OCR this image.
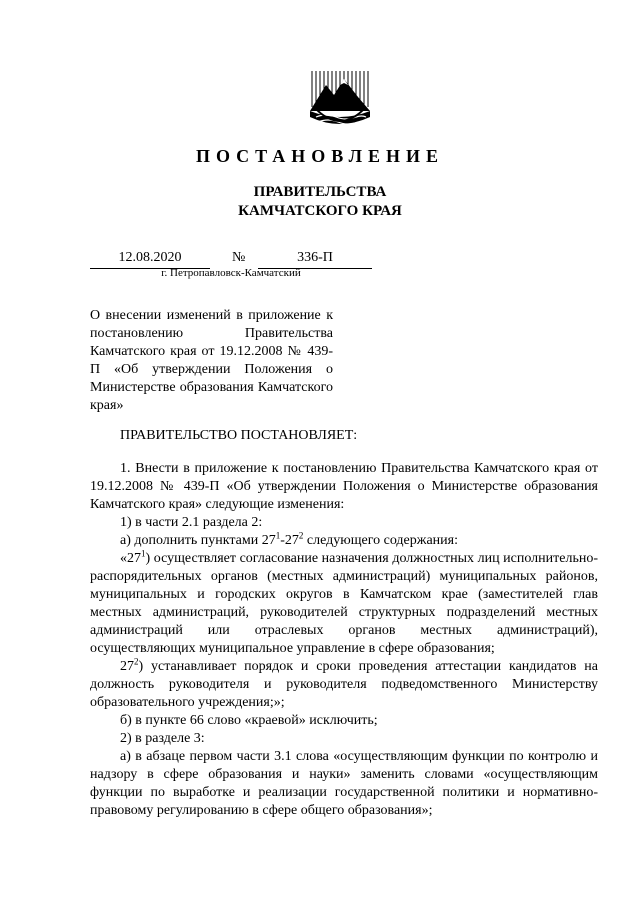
ПОСТАНОВЛЕНИЕ
ПРАВИТЕЛЬСТВА
КАМЧАТСКОГО КРАЯ
12.08.2020	№	336-П
г. Петропавловск-Камчатский
О внесении изменений в приложение к постановлению Правительства Камчатского края от 19.12.2008 № 439-П «Об утверждении Положения о Министерстве образования Камчатского края»
ПРАВИТЕЛЬСТВО ПОСТАНОВЛЯЕТ:

1. Внести в приложение к постановлению Правительства Камчатского края от 19.12.2008 № 439-П «Об утверждении Положения о Министерстве образования Камчатского края» следующие изменения:

1) в части 2.1 раздела 2:

а) дополнить пунктами $27^1-27^2$ следующего содержания:

«$27^1$) осуществляет согласование назначения должностных лиц исполнительно-распорядительных органов (местных администраций) муниципальных районов, муниципальных и городских округов в Камчатском крае (заместителей глав местных администраций, руководителей структурных подразделений местных администраций или отраслевых органов местных администраций), осуществляющих муниципальное управление в сфере образования;

$27^2$) устанавливает порядок и сроки проведения аттестации кандидатов на должность руководителя и руководителя подведомственного Министерству образовательного учреждения;»;

б) в пункте 66 слово «краевой» исключить;

2) в разделе 3:

а) в абзаце первом части 3.1 слова «осуществляющим функции по контролю и надзору в сфере образования и науки» заменить словами «осуществляющим функции по выработке и реализации государственной политики и нормативно-правовому регулированию в сфере общего образования»;
